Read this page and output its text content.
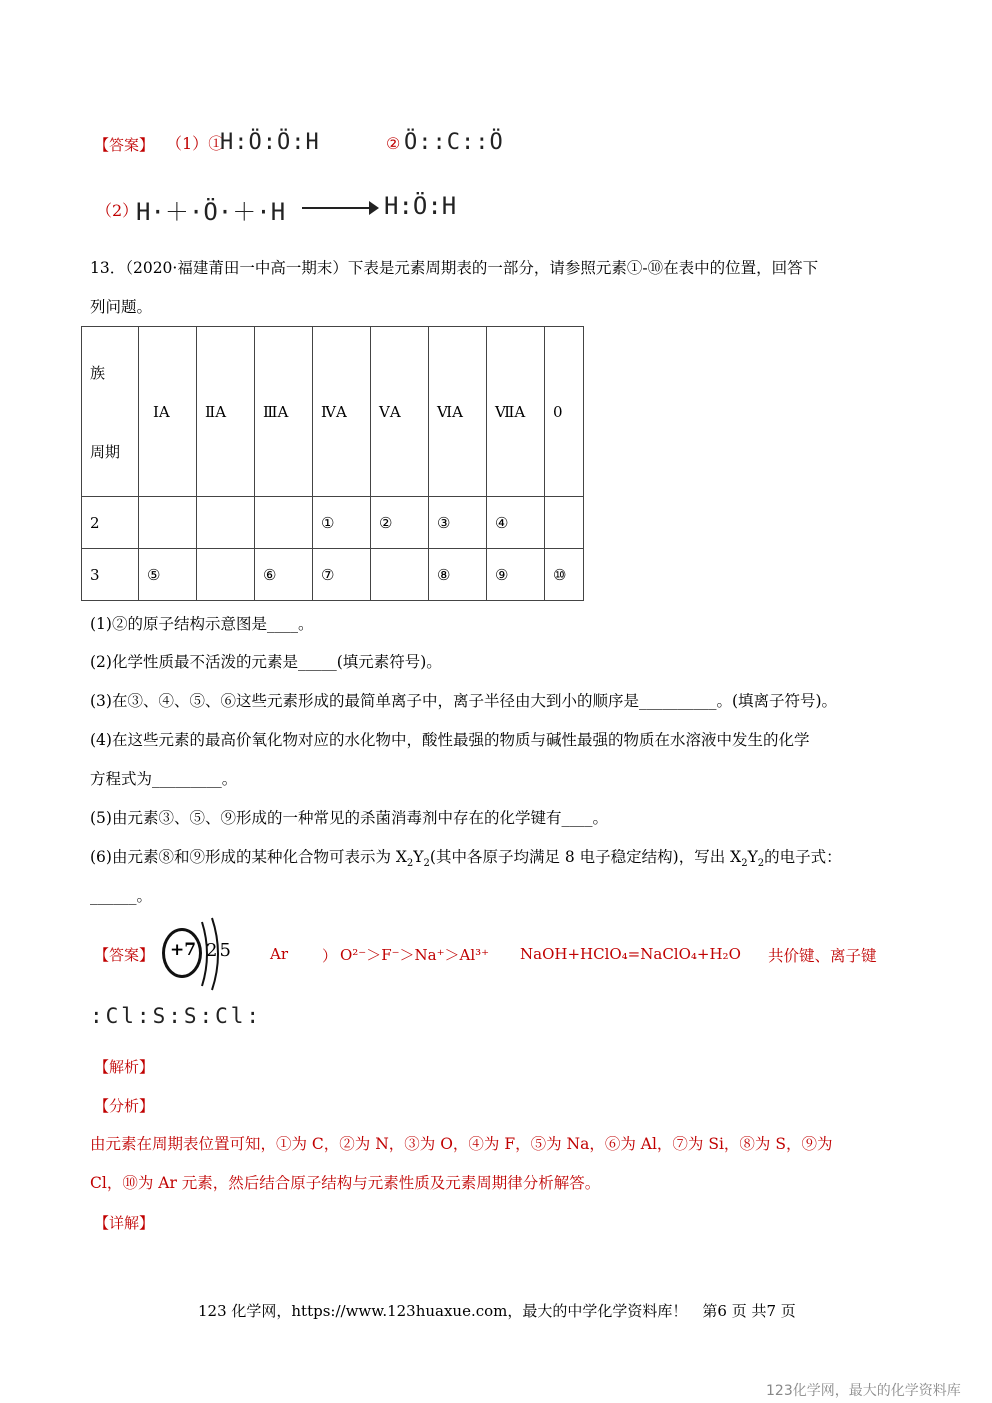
【答案】 （1）①
H:Ö:Ö:H	② Ö::C::Ö
（2）
H·＋·Ö·＋·H	H:Ö:H
13．（2020·福建莆田一中高一期末）下表是元素周期表的一部分，请参照元素①-⑩在表中的位置，回答下
列问题。
族
周期	ⅠA	ⅡA	ⅢA	ⅣA	ⅤA	ⅥA	ⅦA	0

2				①	②	③	④	

3	⑤		⑥	⑦		⑧	⑨	⑩
(1)②的原子结构示意图是____。
(2)化学性质最不活泼的元素是_____(填元素符号)。
(3)在③、④、⑤、⑥这些元素形成的最简单离子中，离子半径由大到小的顺序是__________。(填离子符号)。
(4)在这些元素的最高价氧化物对应的水化物中，酸性最强的物质与碱性最强的物质在水溶液中发生的化学
方程式为_________。
(5)由元素③、⑤、⑨形成的一种常见的杀菌消毒剂中存在的化学键有____。
(6)由元素⑧和⑨形成的某种化合物可表示为 $X_2Y_2$(其中各原子均满足 8 电子稳定结构)，写出 $X_2Y_2$的电子式：
______。
【答案】 +7 25 Ar ） O²⁻＞F⁻＞Na⁺＞Al³⁺ NaOH+HClO₄=NaClO₄+H₂O 共价键、离子键
:Cl:S:S:Cl:
【解析】
【分析】
由元素在周期表位置可知，①为 C，②为 N，③为 O，④为 F，⑤为 Na，⑥为 Al，⑦为 Si，⑧为 S，⑨为
Cl，⑩为 Ar 元素，然后结合原子结构与元素性质及元素周期律分析解答。
【详解】
123 化学网，https://www.123huaxue.com，最大的中学化学资料库！　第6 页 共7 页
123化学网，最大的化学资料库
